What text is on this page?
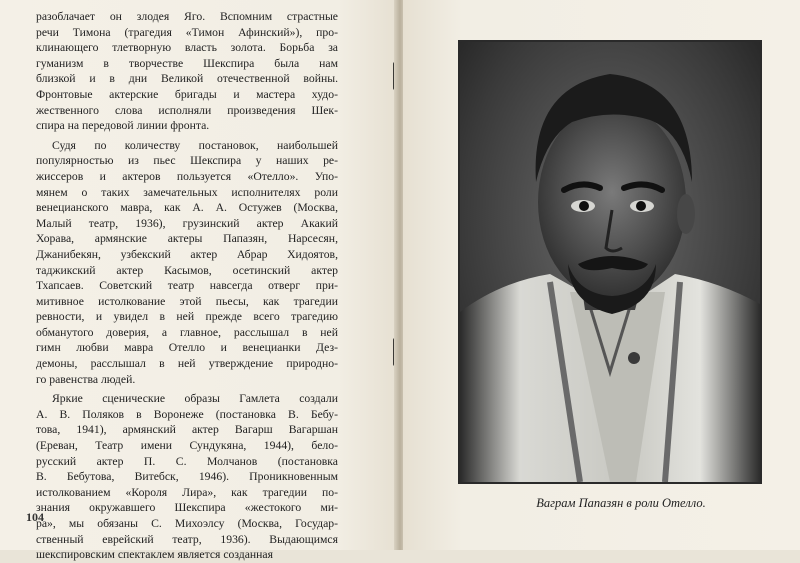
разоблачает он злодея Яго. Вспомним страстные
речи Тимона (трагедия «Тимон Афинский»), про-
клинающего тлетворную власть золота. Борьба за
гуманизм в творчестве Шекспира была нам
близкой и в дни Великой отечественной войны.
Фронтовые актерские бригады и мастера худо-
жественного слова исполняли произведения Шек-
спира на передовой линии фронта.
Судя по количеству постановок, наибольшей
популярностью из пьес Шекспира у наших ре-
жиссеров и актеров пользуется «Отелло». Упо-
мянем о таких замечательных исполнителях роли
венецианского мавра, как А. А. Остужев (Москва,
Малый театр, 1936), грузинский актер Акакий
Хорава, армянские актеры Папазян, Нарсесян,
Джанибекян, узбекский актер Абрар Хидоятов,
таджикский актер Касымов, осетинский актер
Тхапсаев. Советский театр навсегда отверг при-
митивное истолкование этой пьесы, как трагедии
ревности, и увидел в ней прежде всего трагедию
обманутого доверия, а главное, расслышал в ней
гимн любви мавра Отелло и венецианки Дез-
демоны, расслышал в ней утверждение природно-
го равенства людей.
Яркие сценические образы Гамлета создали
А. В. Поляков в Воронеже (постановка В. Бебу-
това, 1941), армянский актер Вагарш Вагаршан
(Ереван, Театр имени Сундукяна, 1944), бело-
русский актер П. С. Молчанов (постановка
В. Бебутова, Витебск, 1946). Проникновенным
истолкованием «Короля Лира», как трагедии по-
знания окружавшего Шекспира «жестокого ми-
ра», мы обязаны С. Михоэлсу (Москва, Государ-
ственный еврейский театр, 1936). Выдающимся
шекспировским спектаклем является созданная
104
Ваграм Папазян в роли Отелло.
